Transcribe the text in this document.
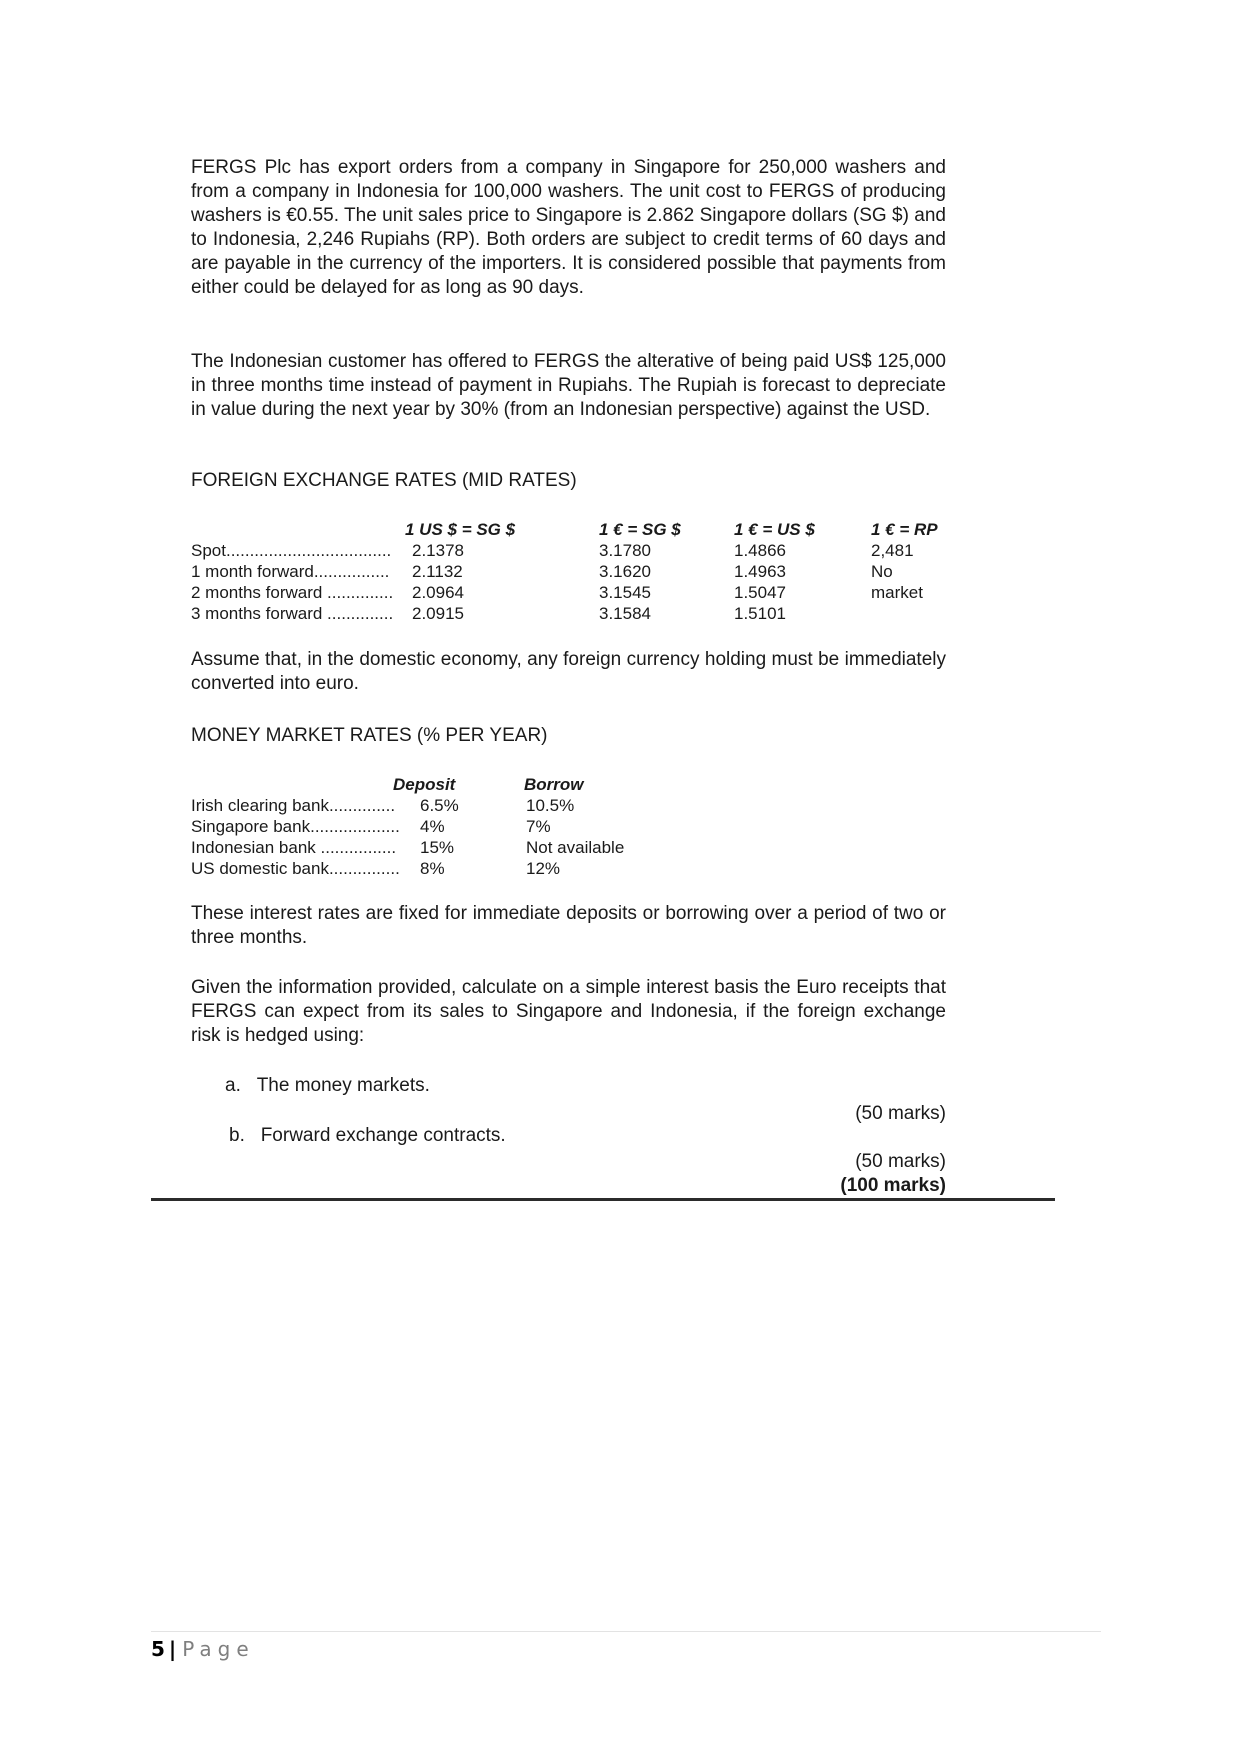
FERGS Plc has export orders from a company in Singapore for 250,000 washers and from a company in Indonesia for 100,000 washers. The unit cost to FERGS of producing washers is €0.55. The unit sales price to Singapore is 2.862 Singapore dollars (SG $) and to Indonesia, 2,246 Rupiahs (RP). Both orders are subject to credit terms of 60 days and are payable in the currency of the importers. It is considered possible that payments from either could be delayed for as long as 90 days.

The Indonesian customer has offered to FERGS the alterative of being paid US$ 125,000 in three months time instead of payment in Rupiahs. The Rupiah is forecast to depreciate in value during the next year by 30% (from an Indonesian perspective) against the USD.

FOREIGN EXCHANGE RATES (MID RATES)

1 US $ = SG $	1 € = SG $	1 € = US $	1 € = RP
Spot................................... 2.1378	3.1780	1.4866	2,481
1 month forward................ 2.1132	3.1620	1.4963	No
2 months forward .............. 2.0964	3.1545	1.5047	market
3 months forward .............. 2.0915	3.1584	1.5101

Assume that, in the domestic economy, any foreign currency holding must be immediately converted into euro.

MONEY MARKET RATES (% PER YEAR)

Deposit	Borrow
Irish clearing bank.............. 6.5%	10.5%
Singapore bank................... 4%	7%
Indonesian bank ................ 15%	Not available
US domestic bank............... 8%	12%

These interest rates are fixed for immediate deposits or borrowing over a period of two or three months.

Given the information provided, calculate on a simple interest basis the Euro receipts that FERGS can expect from its sales to Singapore and Indonesia, if the foreign exchange risk is hedged using:

a. The money markets.
(50 marks)
b. Forward exchange contracts.
(50 marks)
(100 marks)
5 | Page
